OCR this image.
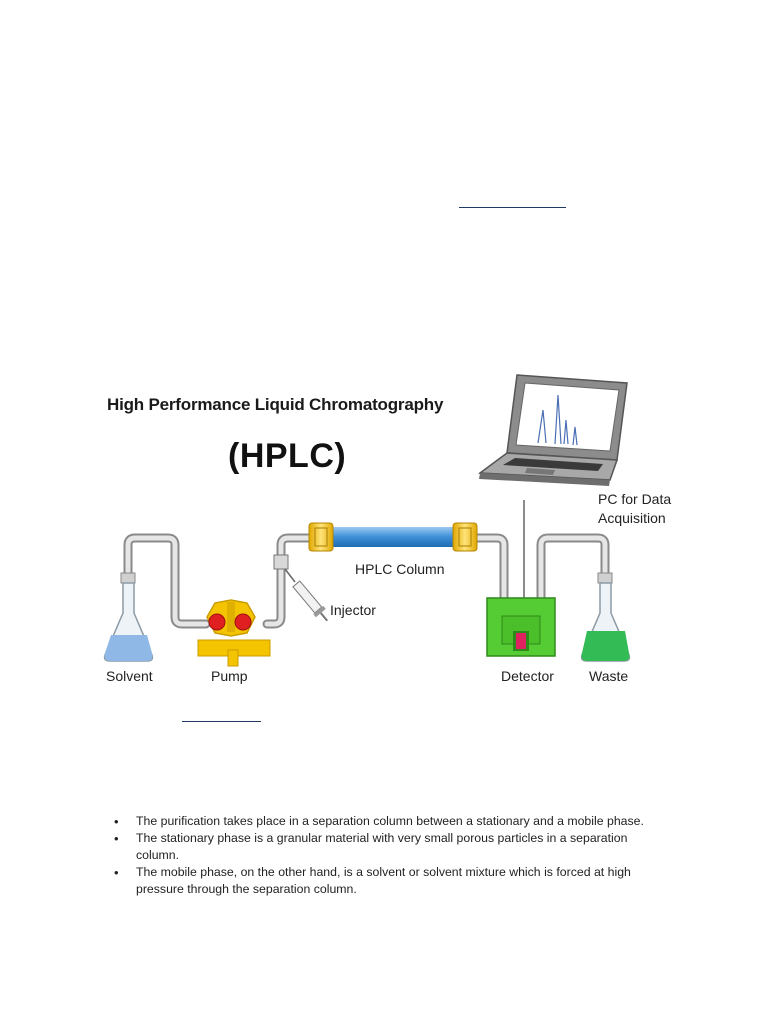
High Performance Liquid Chromatography
(HPLC)
Solvent	Pump
Injector
HPLC Column
Detector	Waste
PC for Data
Acquisition
• The purification takes place in a separation column between a stationary and a mobile phase.
• The stationary phase is a granular material with very small porous particles in a separation column.
• The mobile phase, on the other hand, is a solvent or solvent mixture which is forced at high pressure through the separation column.
